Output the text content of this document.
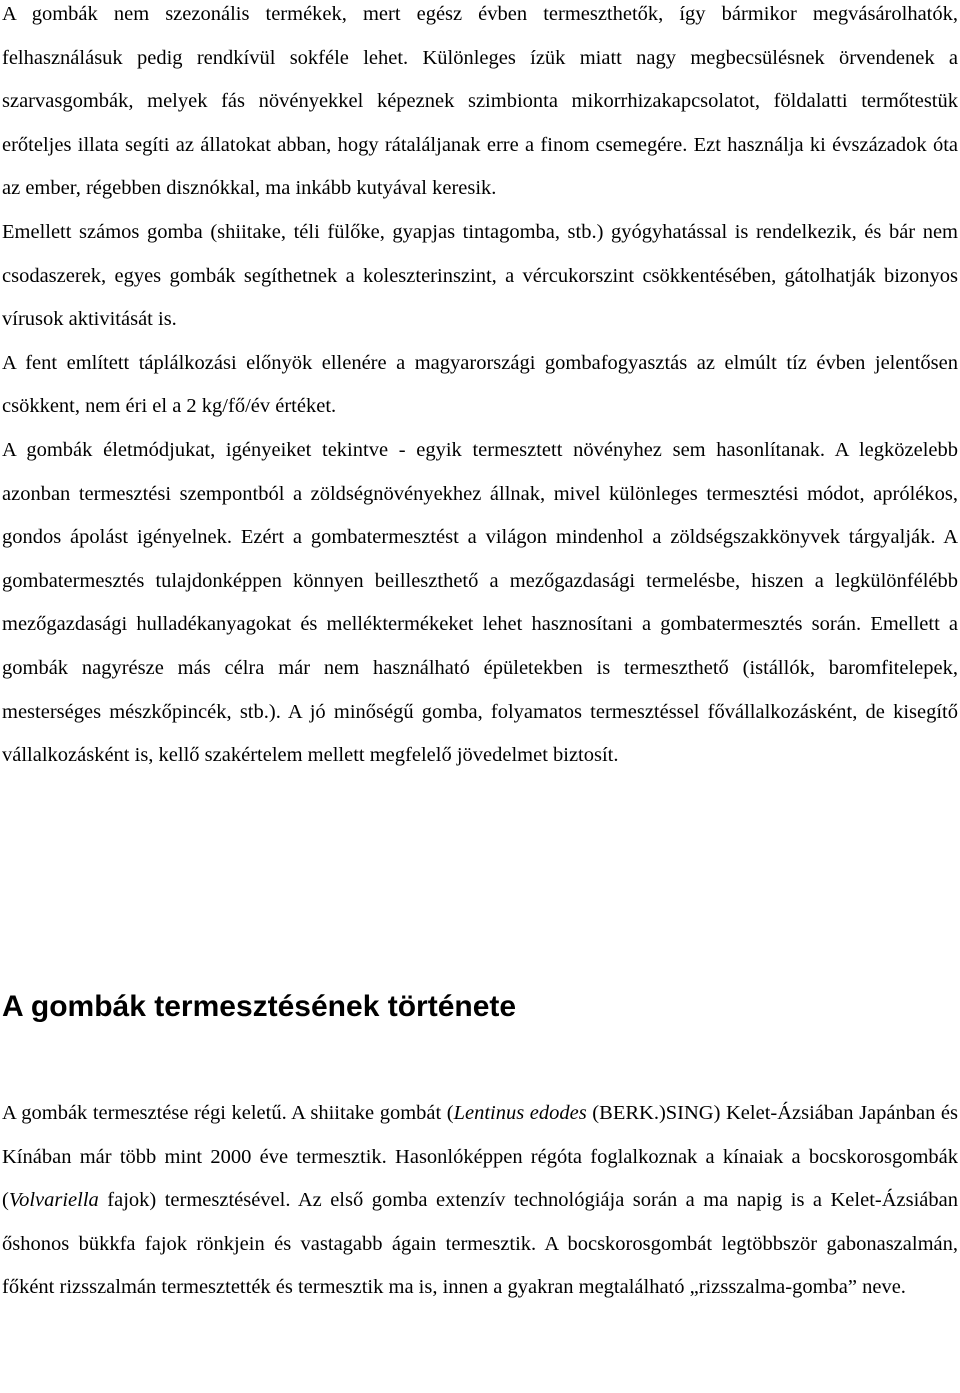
A gombák nem szezonális termékek, mert egész évben termeszthetők, így bármikor megvásárolhatók, felhasználásuk pedig rendkívül sokféle lehet. Különleges ízük miatt nagy megbecsülésnek örvendenek a szarvasgombák, melyek fás növényekkel képeznek szimbionta mikorrhizakapcsolatot, földalatti termőtestük erőteljes illata segíti az állatokat abban, hogy rátaláljanak erre a finom csemegére. Ezt használja ki évszázadok óta az ember, régebben disznókkal, ma inkább kutyával keresik.

Emellett számos gomba (shiitake, téli fülőke, gyapjas tintagomba, stb.) gyógyhatással is rendelkezik, és bár nem csodaszerek, egyes gombák segíthetnek a koleszterinszint, a vércukorszint csökkentésében, gátolhatják bizonyos vírusok aktivitását is.

A fent említett táplálkozási előnyök ellenére a magyarországi gombafogyasztás az elmúlt tíz évben jelentősen csökkent, nem éri el a 2 kg/fő/év értéket.

A gombák életmódjukat, igényeiket tekintve - egyik termesztett növényhez sem hasonlítanak. A legközelebb azonban termesztési szempontból a zöldségnövényekhez állnak, mivel különleges termesztési módot, aprólékos, gondos ápolást igényelnek. Ezért a gombatermesztést a világon mindenhol a zöldségszakkönyvek tárgyalják. A gombatermesztés tulajdonképpen könnyen beilleszthető a mezőgazdasági termelésbe, hiszen a legkülönfélébb mezőgazdasági hulladékanyagokat és melléktermékeket lehet hasznosítani a gombatermesztés során. Emellett a gombák nagyrésze más célra már nem használható épületekben is termeszthető (istállók, baromfitelepek, mesterséges mészkőpincék, stb.). A jó minőségű gomba, folyamatos termesztéssel fővállalkozásként, de kisegítő vállalkozásként is, kellő szakértelem mellett megfelelő jövedelmet biztosít.

A gombák termesztésének története

A gombák termesztése régi keletű. A shiitake gombát (Lentinus edodes (BERK.)SING) Kelet-Ázsiában Japánban és Kínában már több mint 2000 éve termesztik. Hasonlóképpen régóta foglalkoznak a kínaiak a bocskorosgombák (Volvariella fajok) termesztésével. Az első gomba extenzív technológiája során a ma napig is a Kelet-Ázsiában őshonos bükkfa fajok rönkjein és vastagabb ágain termesztik. A bocskorosgombát legtöbbször gabonaszalmán, főként rizsszalmán termesztették és termesztik ma is, innen a gyakran megtalálható „rizsszalma-gomba” neve.
